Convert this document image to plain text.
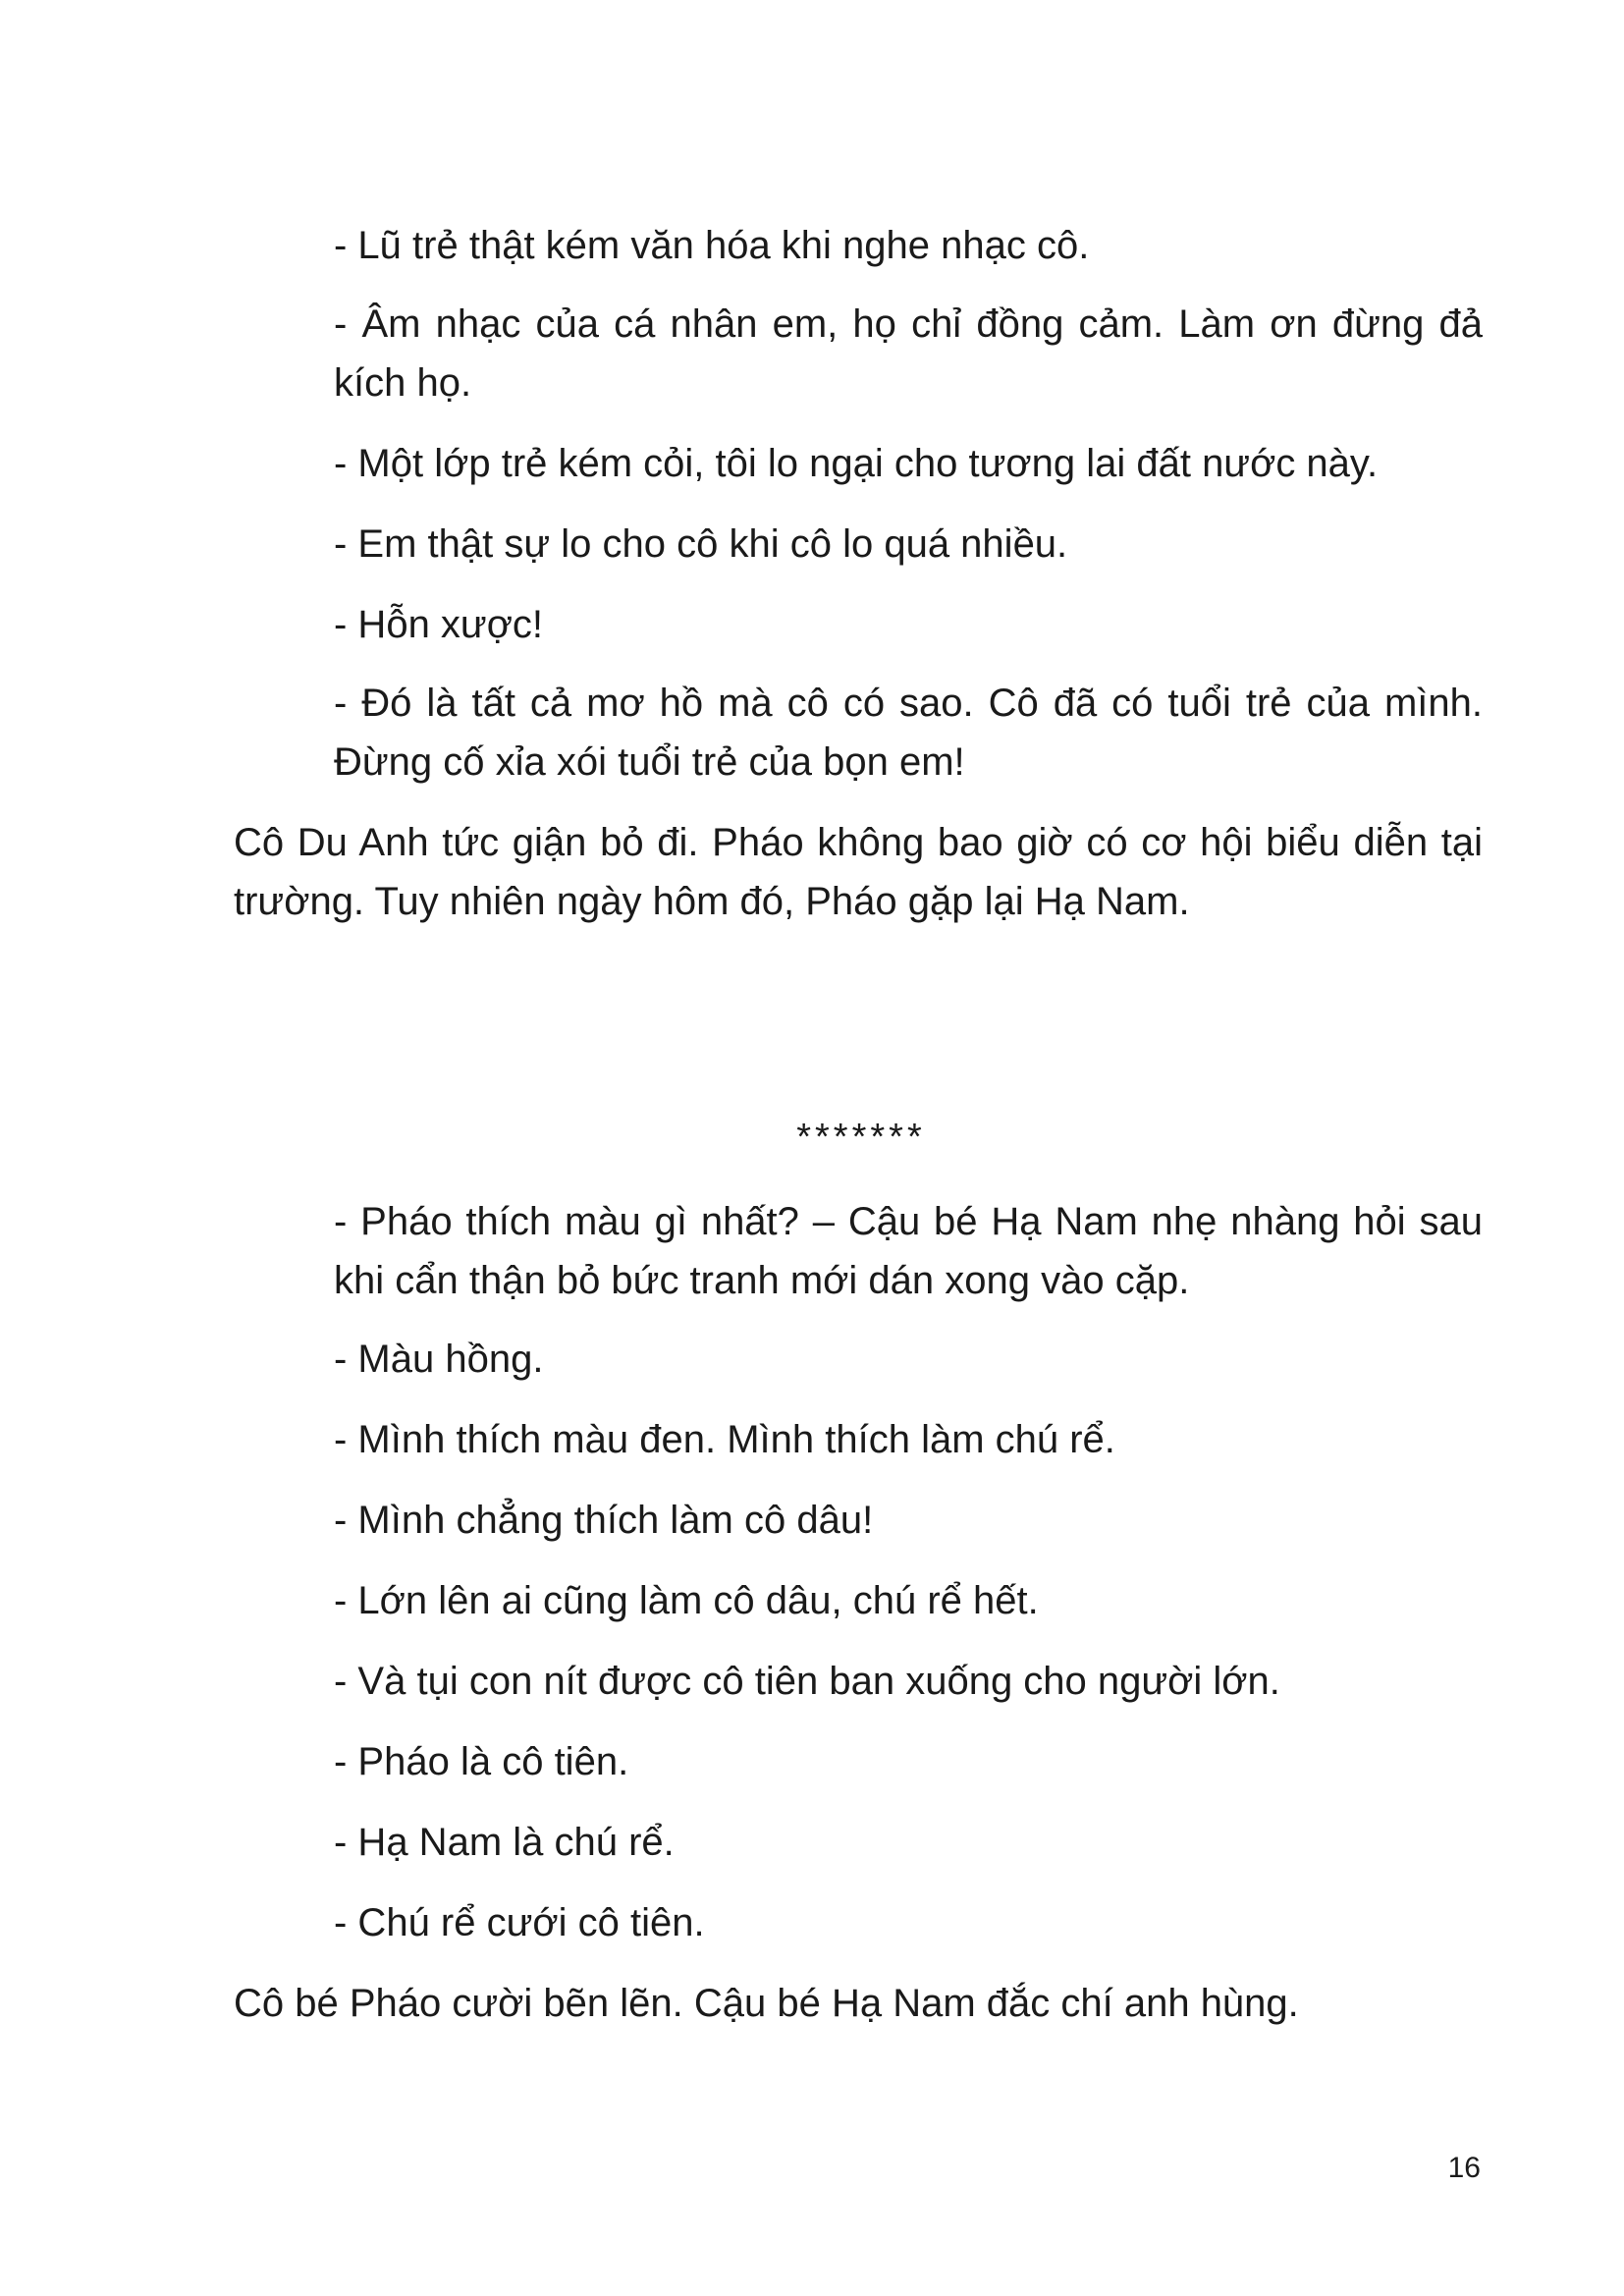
- Lũ trẻ thật kém văn hóa khi nghe nhạc cô.

- Âm nhạc của cá nhân em, họ chỉ đồng cảm. Làm ơn đừng đả kích họ.

- Một lớp trẻ kém cỏi, tôi lo ngại cho tương lai đất nước này.

- Em thật sự lo cho cô khi cô lo quá nhiều.

- Hỗn xược!

- Đó là tất cả mơ hồ mà cô có sao. Cô đã có tuổi trẻ của mình. Đừng cố xỉa xói tuổi trẻ của bọn em!

Cô Du Anh tức giận bỏ đi. Pháo không bao giờ có cơ hội biểu diễn tại trường. Tuy nhiên ngày hôm đó, Pháo gặp lại Hạ Nam.

*******

- Pháo thích màu gì nhất? – Cậu bé Hạ Nam nhẹ nhàng hỏi sau khi cẩn thận bỏ bức tranh mới dán xong vào cặp.

- Màu hồng.

- Mình thích màu đen. Mình thích làm chú rể.

- Mình chẳng thích làm cô dâu!

- Lớn lên ai cũng làm cô dâu, chú rể hết.

- Và tụi con nít được cô tiên ban xuống cho người lớn.

- Pháo là cô tiên.

- Hạ Nam là chú rể.

- Chú rể cưới cô tiên.

Cô bé Pháo cười bẽn lẽn. Cậu bé Hạ Nam đắc chí anh hùng.

16
